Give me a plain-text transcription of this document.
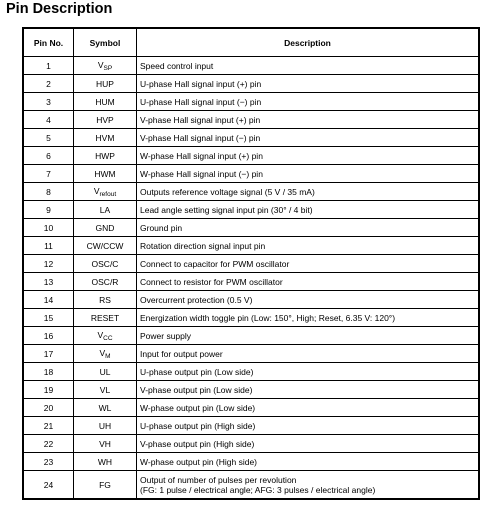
Pin Description
Pin No.	Symbol	Description
1	$V_{SP}$	Speed control input

2	HUP	U-phase Hall signal input (+) pin

3	HUM	U-phase Hall signal input (−) pin

4	HVP	V-phase Hall signal input (+) pin

5	HVM	V-phase Hall signal input (−) pin

6	HWP	W-phase Hall signal input (+) pin

7	HWM	W-phase Hall signal input (−) pin

8	$V_{refout}$	Outputs reference voltage signal (5 V / 35 mA)

9	LA	Lead angle setting signal input pin (30° / 4 bit)

10	GND	Ground pin

11	CW/CCW	Rotation direction signal input pin

12	OSC/C	Connect to capacitor for PWM oscillator

13	OSC/R	Connect to resistor for PWM oscillator

14	RS	Overcurrent protection (0.5 V)

15	RESET	Energization width toggle pin (Low: 150°, High; Reset, 6.35 V: 120°)

16	$V_{CC}$	Power supply

17	$V_M$	Input for output power

18	UL	U-phase output pin (Low side)

19	VL	V-phase output pin (Low side)

20	WL	W-phase output pin (Low side)

21	UH	U-phase output pin (High side)

22	VH	V-phase output pin (High side)

23	WH	W-phase output pin (High side)

24	FG	Output of number of pulses per revolution
(FG: 1 pulse / electrical angle; AFG: 3 pulses / electrical angle)
